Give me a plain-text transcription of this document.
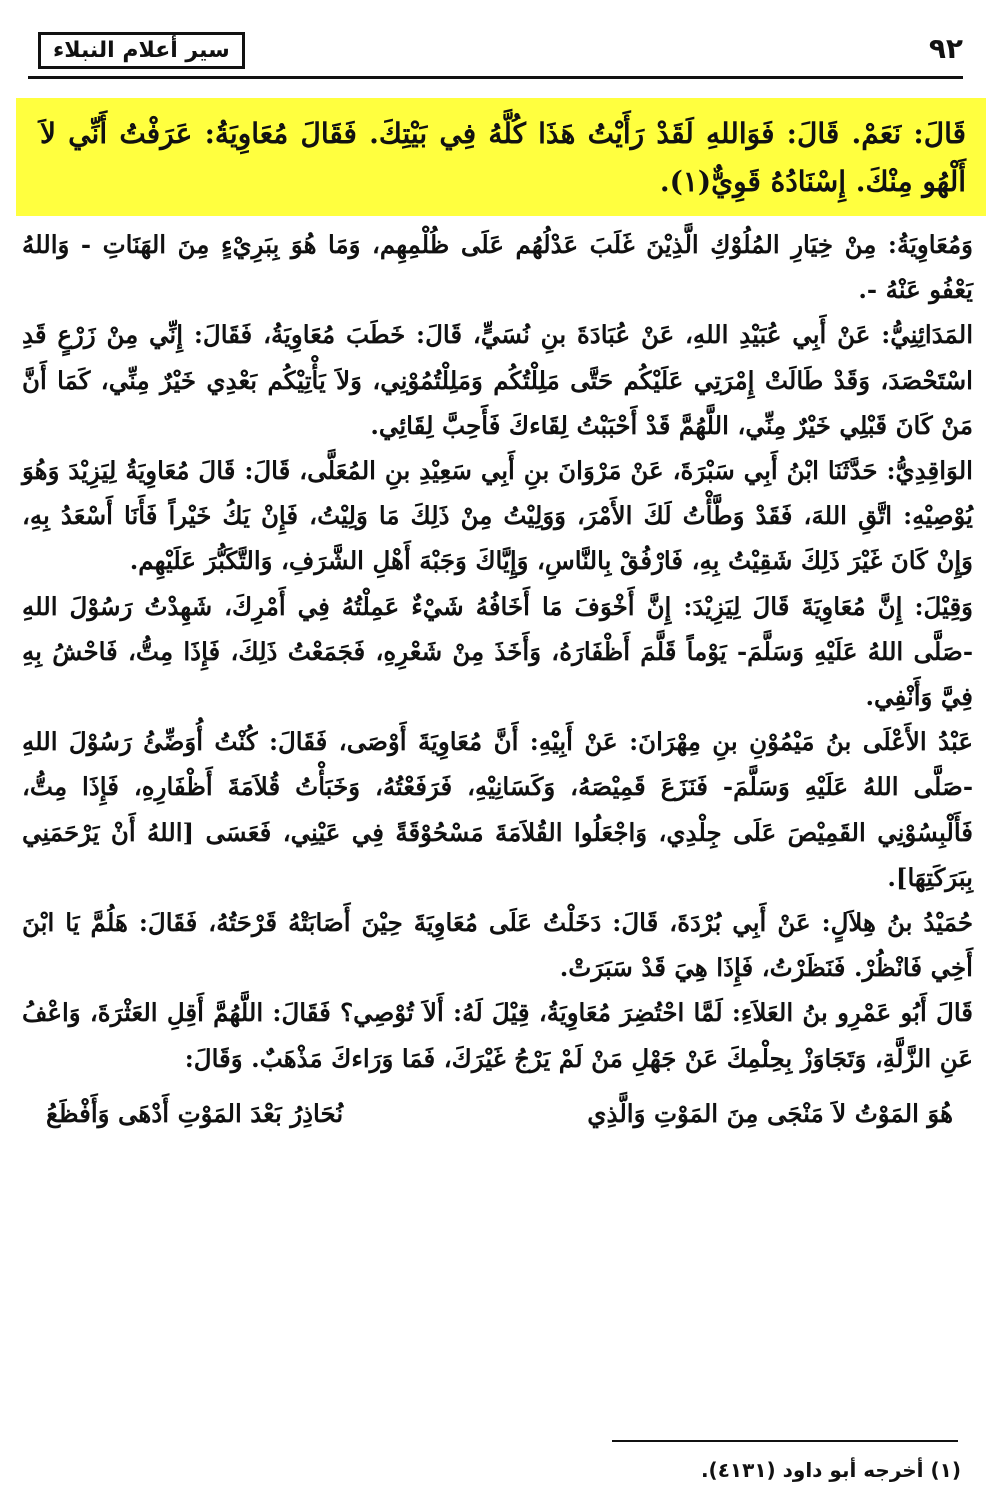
٩٢
سير أعلام النبلاء
قَالَ: نَعَمْ. قَالَ: فَوَاللهِ لَقَدْ رَأَيْتُ هَذَا كُلَّهُ فِي بَيْتِكَ. فَقَالَ مُعَاوِيَةُ: عَرَفْتُ أَنِّي لاَ أَلْهُو مِنْكَ. إِسْنَادُهُ قَوِيٌّ(١).

وَمُعَاوِيَةُ: مِنْ خِيَارِ المُلُوْكِ الَّذِيْنَ غَلَبَ عَدْلُهُم عَلَى ظُلْمِهِم، وَمَا هُوَ بِبَرِيْءٍ مِنَ الهَنَاتِ - وَاللهُ يَعْفُو عَنْهُ -.

المَدَائِنِيُّ: عَنْ أَبِي عُبَيْدِ اللهِ، عَنْ عُبَادَةَ بنِ نُسَيٍّ، قَالَ: خَطَبَ مُعَاوِيَةُ، فَقَالَ: إِنِّي مِنْ زَرْعٍ قَدِ اسْتَحْصَدَ، وَقَدْ طَالَتْ إِمْرَتِي عَلَيْكُم حَتَّى مَلِلْتُكُم وَمَلِلْتُمُوْنِي، وَلاَ يَأْتِيْكُم بَعْدِي خَيْرٌ مِنِّي، كَمَا أَنَّ مَنْ كَانَ قَبْلِي خَيْرٌ مِنِّي، اللَّهُمَّ قَدْ أَحْبَبْتُ لِقَاءكَ فَأَحِبَّ لِقَائِي.

الوَاقِدِيُّ: حَدَّثَنَا ابْنُ أَبِي سَبْرَةَ، عَنْ مَرْوَانَ بنِ أَبِي سَعِيْدِ بنِ المُعَلَّى، قَالَ: قَالَ مُعَاوِيَةُ لِيَزِيْدَ وَهُوَ يُوْصِيْهِ: اتَّقِ اللهَ، فَقَدْ وَطَّأْتُ لَكَ الأَمْرَ، وَوَلِيْتُ مِنْ ذَلِكَ مَا وَلِيْتُ، فَإِنْ يَكُ خَيْراً فَأَنَا أَسْعَدُ بِهِ، وَإِنْ كَانَ غَيْرَ ذَلِكَ شَقِيْتُ بِهِ، فَارْفُقْ بِالنَّاسِ، وَإِيَّاكَ وَجَبْهَ أَهْلِ الشَّرَفِ، وَالتَّكَبُّرَ عَلَيْهِم.

وَقِيْلَ: إِنَّ مُعَاوِيَةَ قَالَ لِيَزِيْدَ: إِنَّ أَخْوَفَ مَا أَخَافُهُ شَيْءٌ عَمِلْتُهُ فِي أَمْرِكَ، شَهِدْتُ رَسُوْلَ اللهِ -صَلَّى اللهُ عَلَيْهِ وَسَلَّمَ- يَوْماً قَلَّمَ أَظْفَارَهُ، وَأَخَذَ مِنْ شَعْرِهِ، فَجَمَعْتُ ذَلِكَ، فَإِذَا مِتُّ، فَاحْشُ بِهِ فِيَّ وَأَنْفِي.

عَبْدُ الأَعْلَى بنُ مَيْمُوْنِ بنِ مِهْرَانَ: عَنْ أَبِيْهِ: أَنَّ مُعَاوِيَةَ أَوْصَى، فَقَالَ: كُنْتُ أُوَضِّئُ رَسُوْلَ اللهِ -صَلَّى اللهُ عَلَيْهِ وَسَلَّمَ- فَنَزَعَ قَمِيْصَهُ، وَكَسَانِيْهِ، فَرَفَعْتُهُ، وَخَبَأْتُ قُلاَمَةَ أَظْفَارِهِ، فَإِذَا مِتُّ، فَأَلْبِسُوْنِي القَمِيْصَ عَلَى جِلْدِي، وَاجْعَلُوا القُلاَمَةَ مَسْحُوْقَةً فِي عَيْنِي، فَعَسَى [اللهُ أَنْ يَرْحَمَنِي بِبَرَكَتِهَا].

حُمَيْدُ بنُ هِلاَلٍ: عَنْ أَبِي بُرْدَةَ، قَالَ: دَخَلْتُ عَلَى مُعَاوِيَةَ حِيْنَ أَصَابَتْهُ قَرْحَتُهُ، فَقَالَ: هَلُمَّ يَا ابْنَ أَخِي فَانْظُرْ. فَنَظَرْتُ، فَإِذَا هِيَ قَدْ سَبَرَتْ.

قَالَ أَبُو عَمْرِو بنُ العَلاَءِ: لَمَّا احْتُضِرَ مُعَاوِيَةُ، قِيْلَ لَهُ: أَلاَ تُوْصِي؟ فَقَالَ: اللَّهُمَّ أَقِلِ العَثْرَةَ، وَاعْفُ عَنِ الزَّلَّةِ، وَتَجَاوَزْ بِحِلْمِكَ عَنْ جَهْلِ مَنْ لَمْ يَرْجُ غَيْرَكَ، فَمَا وَرَاءكَ مَذْهَبٌ. وَقَالَ:

هُوَ المَوْتُ لاَ مَنْجَى مِنَ المَوْتِ وَالَّذِي
نُحَاذِرُ بَعْدَ المَوْتِ أَدْهَى وَأَفْظَعُ
(١) أخرجه أبو داود (٤١٣١).
